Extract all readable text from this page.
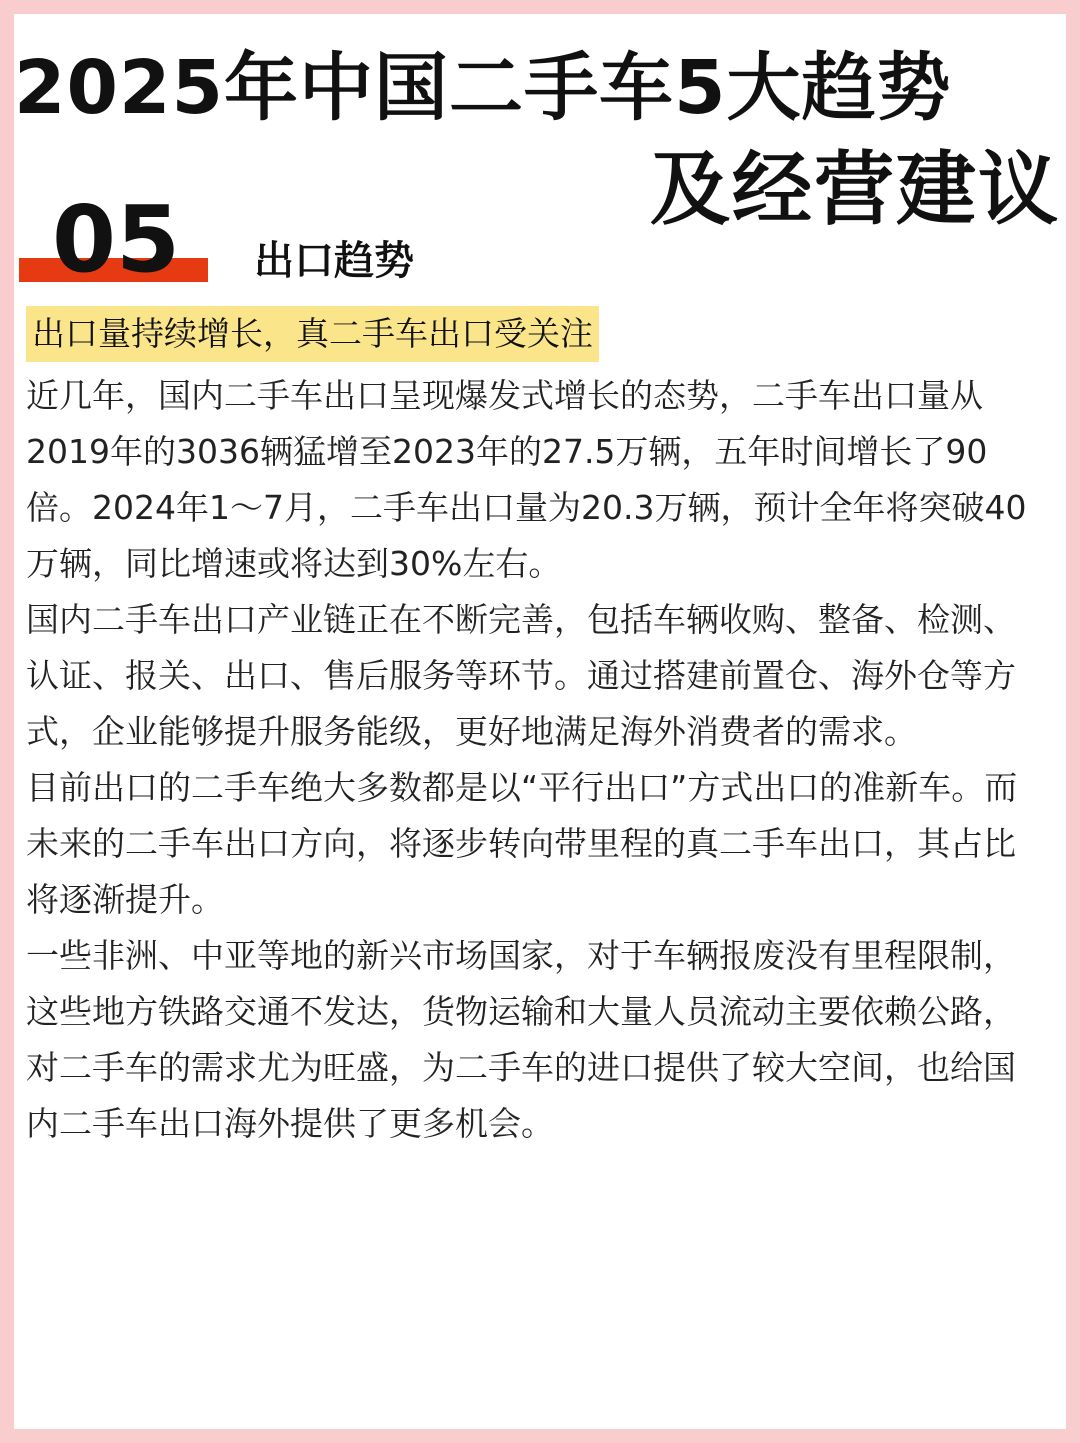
2025年中国二手车5大趋势
及经营建议
05 出口趋势
出口量持续增长，真二手车出口受关注

近几年，国内二手车出口呈现爆发式增长的态势，二手车出口量从2019年的3036辆猛增至2023年的27.5万辆，五年时间增长了90倍。2024年1～7月，二手车出口量为20.3万辆，预计全年将突破40万辆，同比增速或将达到30%左右。

国内二手车出口产业链正在不断完善，包括车辆收购、整备、检测、认证、报关、出口、售后服务等环节。通过搭建前置仓、海外仓等方式，企业能够提升服务能级，更好地满足海外消费者的需求。

目前出口的二手车绝大多数都是以“平行出口”方式出口的准新车。而未来的二手车出口方向，将逐步转向带里程的真二手车出口，其占比将逐渐提升。

一些非洲、中亚等地的新兴市场国家，对于车辆报废没有里程限制，这些地方铁路交通不发达，货物运输和大量人员流动主要依赖公路，对二手车的需求尤为旺盛，为二手车的进口提供了较大空间，也给国内二手车出口海外提供了更多机会。
